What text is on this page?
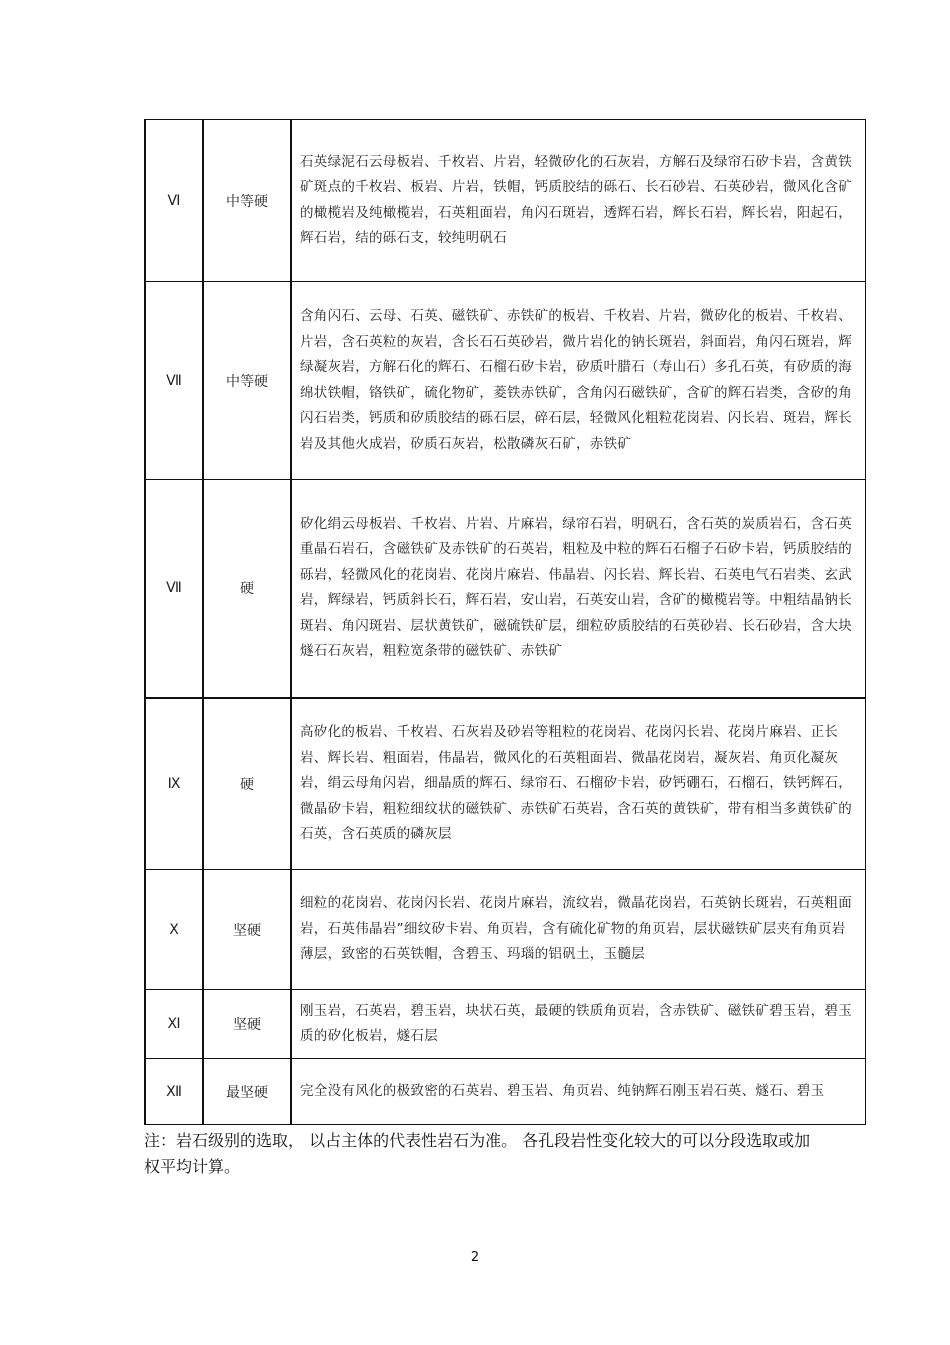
Ⅵ	中等硬	石英绿泥石云母板岩、千枚岩、片岩，轻微矽化的石灰岩，方解石及绿帘石矽卡岩，含黄铁矿斑点的千枚岩、板岩、片岩，铁帽，钙质胶结的砾石、长石砂岩、石英砂岩，微风化含矿的橄榄岩及纯橄榄岩，石英粗面岩，角闪石斑岩，透辉石岩，辉长石岩，辉长岩，阳起石，辉石岩，结的砾石支，较纯明矾石
Ⅶ	中等硬	含角闪石、云母、石英、磁铁矿、赤铁矿的板岩、千枚岩、片岩，微矽化的板岩、千枚岩、片岩，含石英粒的灰岩，含长石石英砂岩，微片岩化的钠长斑岩，斜面岩，角闪石斑岩，辉绿凝灰岩，方解石化的辉石、石榴石矽卡岩，矽质叶腊石（寿山石）多孔石英，有矽质的海绵状铁帽，铬铁矿，硫化物矿，菱铁赤铁矿，含角闪石磁铁矿，含矿的辉石岩类，含矽的角闪石岩类，钙质和矽质胶结的砾石层，碎石层，轻微风化粗粒花岗岩、闪长岩、斑岩，辉长岩及其他火成岩，矽质石灰岩，松散磷灰石矿，赤铁矿
Ⅶ	硬	矽化绢云母板岩、千枚岩、片岩、片麻岩，绿帘石岩，明矾石，含石英的炭质岩石，含石英重晶石岩石，含磁铁矿及赤铁矿的石英岩，粗粒及中粒的辉石石榴子石矽卡岩，钙质胶结的砾岩，轻微风化的花岗岩、花岗片麻岩、伟晶岩、闪长岩、辉长岩、石英电气石岩类、玄武岩，辉绿岩，钙质斜长石，辉石岩，安山岩，石英安山岩，含矿的橄榄岩等。中粗结晶钠长斑岩、角闪斑岩、层状黄铁矿，磁硫铁矿层，细粒矽质胶结的石英砂岩、长石砂岩，含大块燧石石灰岩，粗粒宽条带的磁铁矿、赤铁矿
Ⅸ	硬	高矽化的板岩、千枚岩、石灰岩及砂岩等粗粒的花岗岩、花岗闪长岩、花岗片麻岩、正长岩、辉长岩、粗面岩，伟晶岩，微风化的石英粗面岩、微晶花岗岩，凝灰岩、角页化凝灰岩，绢云母角闪岩，细晶质的辉石、绿帘石、石榴矽卡岩，矽钙硼石，石榴石，铁钙辉石，微晶矽卡岩，粗粒细纹状的磁铁矿、赤铁矿石英岩，含石英的黄铁矿，带有相当多黄铁矿的石英，含石英质的磷灰层
Ⅹ	坚硬	细粒的花岗岩、花岗闪长岩、花岗片麻岩，流纹岩，微晶花岗岩，石英钠长斑岩，石英粗面岩，石英伟晶岩”细纹矽卡岩、角页岩，含有硫化矿物的角页岩，层状磁铁矿层夹有角页岩薄层，致密的石英铁帽，含碧玉、玛瑙的铝矾土，玉髓层
Ⅺ	坚硬	刚玉岩，石英岩，碧玉岩，块状石英，最硬的铁质角页岩，含赤铁矿、磁铁矿碧玉岩，碧玉质的矽化板岩，燧石层
Ⅻ	最坚硬	完全没有风化的极致密的石英岩、碧玉岩、角页岩、纯钠辉石刚玉岩石英、燧石、碧玉
注：岩石级别的选取， 以占主体的代表性岩石为准。 各孔段岩性变化较大的可以分段选取或加权平均计算。
2
